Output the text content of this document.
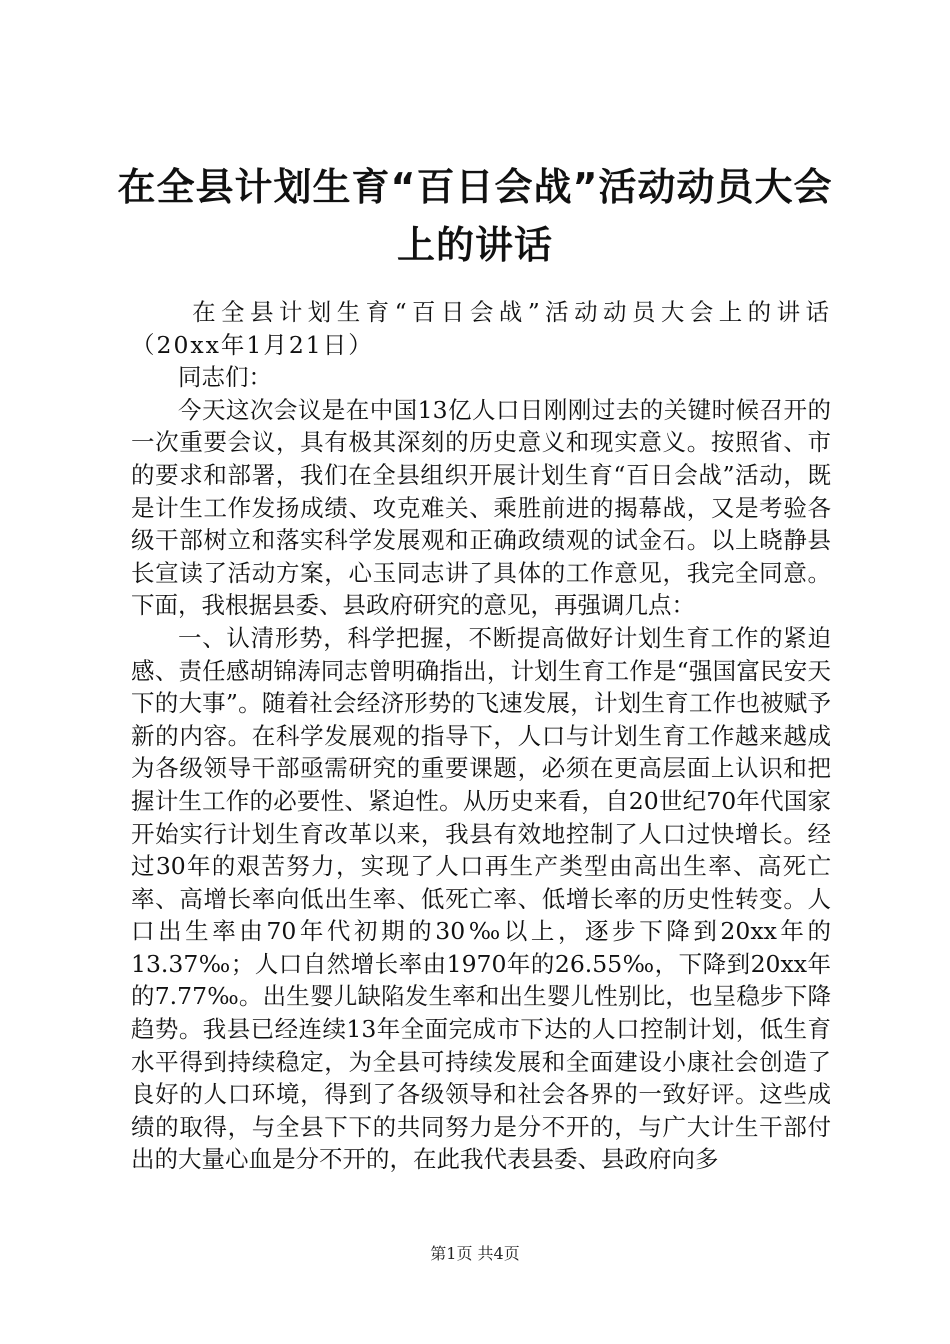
在全县计划生育“百日会战”活动动员大会上的讲话

在全县计划生育“百日会战”活动动员大会上的讲话（20xx年1月21日）

同志们：

今天这次会议是在中国13亿人口日刚刚过去的关键时候召开的一次重要会议，具有极其深刻的历史意义和现实意义。按照省、市的要求和部署，我们在全县组织开展计划生育“百日会战”活动，既是计生工作发扬成绩、攻克难关、乘胜前进的揭幕战，又是考验各级干部树立和落实科学发展观和正确政绩观的试金石。以上晓静县长宣读了活动方案，心玉同志讲了具体的工作意见，我完全同意。下面，我根据县委、县政府研究的意见，再强调几点：

一、认清形势，科学把握，不断提高做好计划生育工作的紧迫感、责任感胡锦涛同志曾明确指出，计划生育工作是“强国富民安天下的大事”。随着社会经济形势的飞速发展，计划生育工作也被赋予新的内容。在科学发展观的指导下，人口与计划生育工作越来越成为各级领导干部亟需研究的重要课题，必须在更高层面上认识和把握计生工作的必要性、紧迫性。从历史来看，自20世纪70年代国家开始实行计划生育改革以来，我县有效地控制了人口过快增长。经过30年的艰苦努力，实现了人口再生产类型由高出生率、高死亡率、高增长率向低出生率、低死亡率、低增长率的历史性转变。人口出生率由70年代初期的30‰以上，逐步下降到20xx年的13.37‰；人口自然增长率由1970年的26.55‰，下降到20xx年的7.77‰。出生婴儿缺陷发生率和出生婴儿性别比，也呈稳步下降趋势。我县已经连续13年全面完成市下达的人口控制计划，低生育水平得到持续稳定，为全县可持续发展和全面建设小康社会创造了良好的人口环境，得到了各级领导和社会各界的一致好评。这些成绩的取得，与全县下下的共同努力是分不开的，与广大计生干部付出的大量心血是分不开的，在此我代表县委、县政府向多

第1页 共4页
